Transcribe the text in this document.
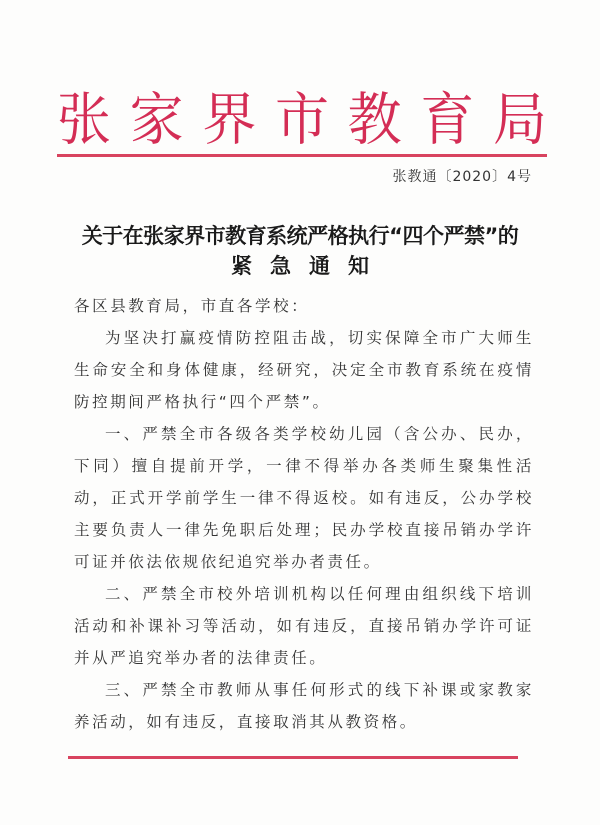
张 家 界 市 教 育 局
张教通〔2020〕4号
关于在张家界市教育系统严格执行“四个严禁”的
紧急通知

各区县教育局，市直各学校：

为坚决打赢疫情防控阻击战，切实保障全市广大师生生命安全和身体健康，经研究，决定全市教育系统在疫情防控期间严格执行“四个严禁”。

一、严禁全市各级各类学校幼儿园（含公办、民办，下同）擅自提前开学，一律不得举办各类师生聚集性活动，正式开学前学生一律不得返校。如有违反，公办学校主要负责人一律先免职后处理；民办学校直接吊销办学许可证并依法依规依纪追究举办者责任。

二、严禁全市校外培训机构以任何理由组织线下培训活动和补课补习等活动，如有违反，直接吊销办学许可证并从严追究举办者的法律责任。

三、严禁全市教师从事任何形式的线下补课或家教家养活动，如有违反，直接取消其从教资格。
